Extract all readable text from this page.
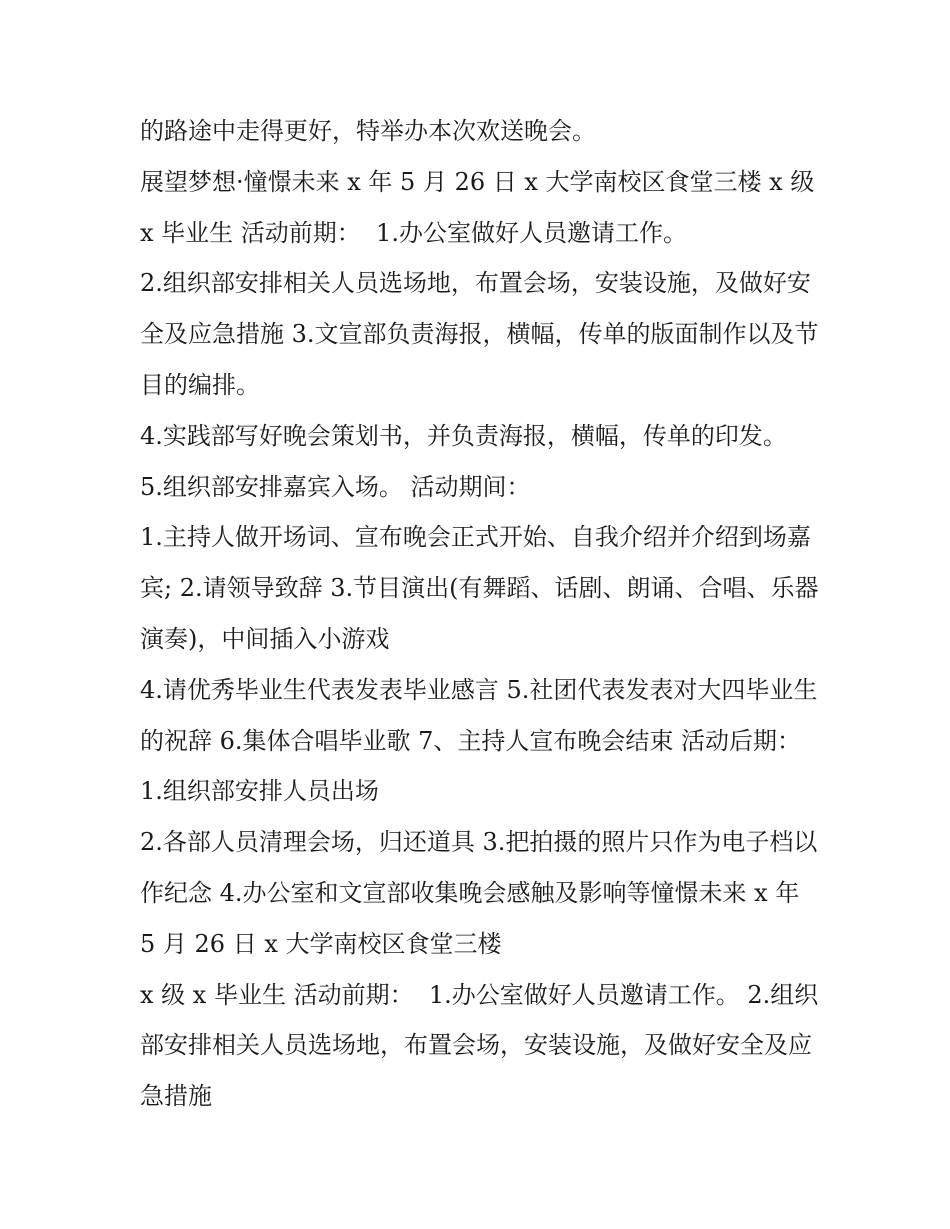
的路途中走得更好，特举办本次欢送晚会。

展望梦想·憧憬未来 x 年 5 月 26 日 x 大学南校区食堂三楼 x 级 x 毕业生 活动前期：  1.办公室做好人员邀请工作。

2.组织部安排相关人员选场地，布置会场，安装设施，及做好安全及应急措施 3.文宣部负责海报，横幅，传单的版面制作以及节目的编排。

4.实践部写好晚会策划书，并负责海报，横幅，传单的印发。

5.组织部安排嘉宾入场。 活动期间：

1.主持人做开场词、宣布晚会正式开始、自我介绍并介绍到场嘉宾; 2.请领导致辞 3.节目演出(有舞蹈、话剧、朗诵、合唱、乐器演奏)，中间插入小游戏

4.请优秀毕业生代表发表毕业感言 5.社团代表发表对大四毕业生的祝辞 6.集体合唱毕业歌 7、主持人宣布晚会结束 活动后期：  1.组织部安排人员出场

2.各部人员清理会场，归还道具 3.把拍摄的照片只作为电子档以作纪念 4.办公室和文宣部收集晚会感触及影响等憧憬未来 x 年 5 月 26 日 x 大学南校区食堂三楼

x 级 x 毕业生 活动前期：  1.办公室做好人员邀请工作。 2.组织部安排相关人员选场地，布置会场，安装设施，及做好安全及应急措施
